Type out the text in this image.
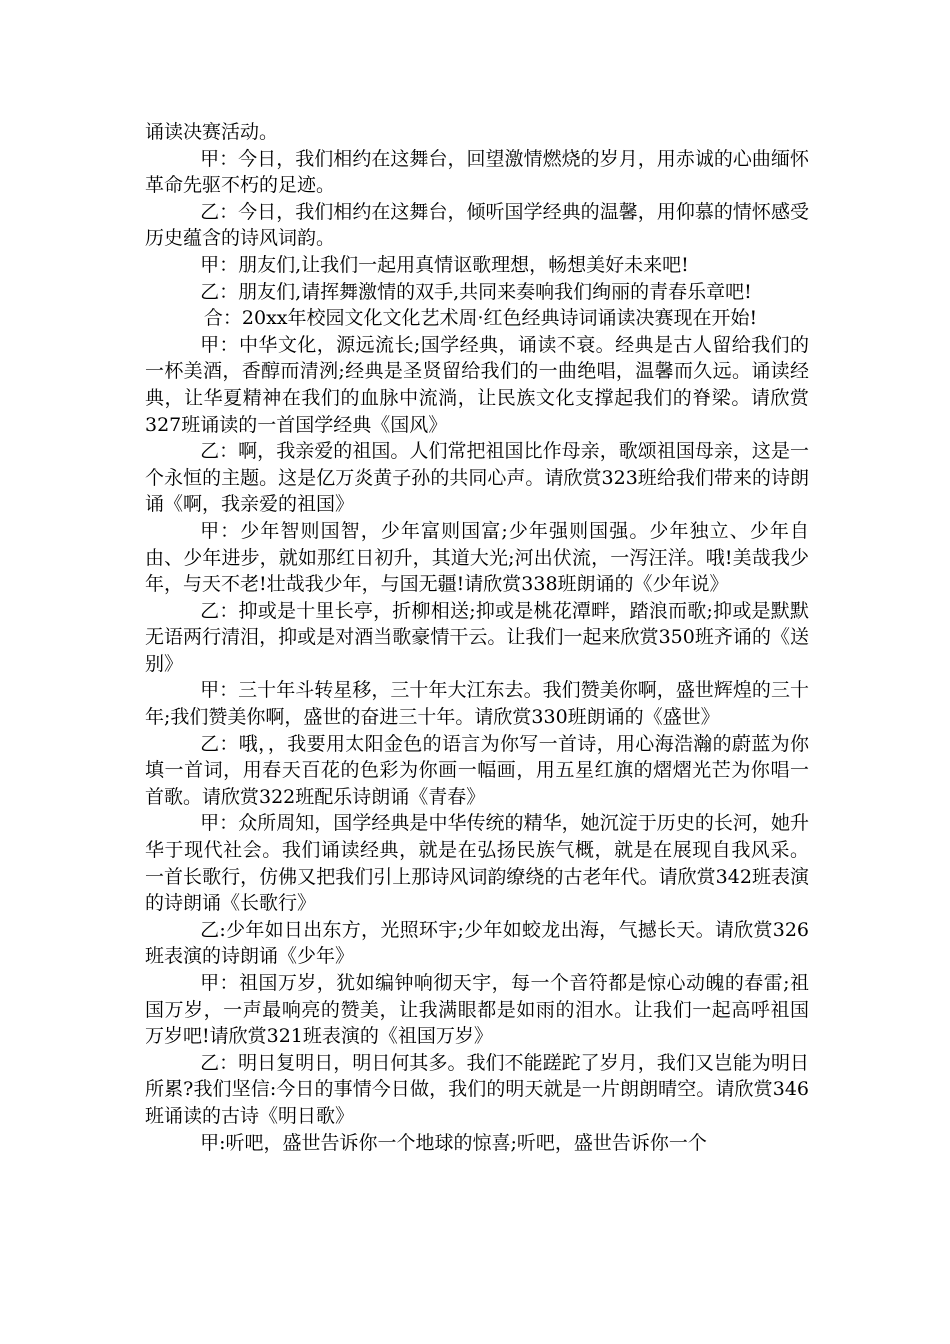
诵读决赛活动。

甲：今日，我们相约在这舞台，回望激情燃烧的岁月，用赤诚的心曲缅怀革命先驱不朽的足迹。

乙：今日，我们相约在这舞台，倾听国学经典的温馨，用仰慕的情怀感受历史蕴含的诗风词韵。

甲：朋友们,让我们一起用真情讴歌理想，畅想美好未来吧!

乙：朋友们,请挥舞激情的双手,共同来奏响我们绚丽的青春乐章吧!

合：20xx年校园文化文化艺术周·红色经典诗词诵读决赛现在开始!

甲：中华文化，源远流长;国学经典，诵读不衰。经典是古人留给我们的一杯美酒，香醇而清洌;经典是圣贤留给我们的一曲绝唱，温馨而久远。诵读经典，让华夏精神在我们的血脉中流淌，让民族文化支撑起我们的脊梁。请欣赏327班诵读的一首国学经典《国风》

乙：啊，我亲爱的祖国。人们常把祖国比作母亲，歌颂祖国母亲，这是一个永恒的主题。这是亿万炎黄子孙的共同心声。请欣赏323班给我们带来的诗朗诵《啊，我亲爱的祖国》

甲：少年智则国智，少年富则国富;少年强则国强。少年独立、少年自由、少年进步，就如那红日初升，其道大光;河出伏流，一泻汪洋。哦!美哉我少年，与天不老!壮哉我少年，与国无疆!请欣赏338班朗诵的《少年说》

乙：抑或是十里长亭，折柳相送;抑或是桃花潭畔，踏浪而歌;抑或是默默无语两行清泪，抑或是对酒当歌豪情干云。让我们一起来欣赏350班齐诵的《送别》

甲：三十年斗转星移，三十年大江东去。我们赞美你啊，盛世辉煌的三十年;我们赞美你啊，盛世的奋进三十年。请欣赏330班朗诵的《盛世》

乙：哦，，我要用太阳金色的语言为你写一首诗，用心海浩瀚的蔚蓝为你填一首词，用春天百花的色彩为你画一幅画，用五星红旗的熠熠光芒为你唱一首歌。请欣赏322班配乐诗朗诵《青春》

甲：众所周知，国学经典是中华传统的精华，她沉淀于历史的长河，她升华于现代社会。我们诵读经典，就是在弘扬民族气概，就是在展现自我风采。一首长歌行，仿佛又把我们引上那诗风词韵缭绕的古老年代。请欣赏342班表演的诗朗诵《长歌行》

乙:少年如日出东方，光照环宇;少年如蛟龙出海，气撼长天。请欣赏326班表演的诗朗诵《少年》

甲：祖国万岁，犹如编钟响彻天宇，每一个音符都是惊心动魄的春雷;祖国万岁，一声最响亮的赞美，让我满眼都是如雨的泪水。让我们一起高呼祖国万岁吧!请欣赏321班表演的《祖国万岁》

乙：明日复明日，明日何其多。我们不能蹉跎了岁月，我们又岂能为明日所累?我们坚信:今日的事情今日做，我们的明天就是一片朗朗晴空。请欣赏346班诵读的古诗《明日歌》

甲:听吧，盛世告诉你一个地球的惊喜;听吧，盛世告诉你一个
